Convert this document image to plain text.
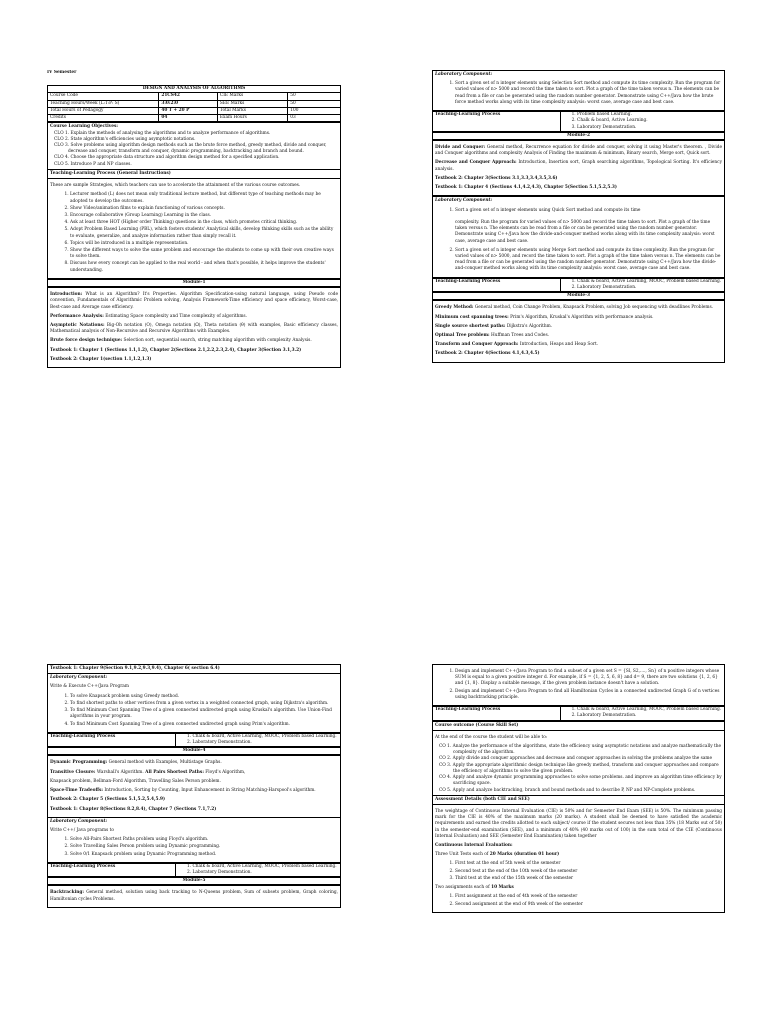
IV Semester
DESIGN AND ANALYSIS OF ALGORITHMS
Course Code	21CS42	CIE Marks	50
Teaching Hours/Week (L:T:P: S)	3:0:2:0	SEE Marks	50
Total Hours of Pedagogy	40 T + 20 P	Total Marks	100
Credits	04	Exam Hours	03
Course Learning Objectives:
CLO 1. Explain the methods of analysing the algorithms and to analyze performance of algorithms.
CLO 2. State algorithm's efficiencies using asymptotic notations.
CLO 3. Solve problems using algorithm design methods such as the brute force method, greedy method, divide and conquer, decrease and conquer, transform and conquer, dynamic programming, backtracking and branch and bound.
CLO 4. Choose the appropriate data structure and algorithm design method for a specified application.
CLO 5. Introduce P and NP classes.
Teaching-Learning Process (General Instructions)

These are sample Strategies, which teachers can use to accelerate the attainment of the various course outcomes.

1. Lecturer method (L) does not mean only traditional lecture method, but different type of teaching methods may be adopted to develop the outcomes.
2. Show Video/animation films to explain functioning of various concepts.
3. Encourage collaborative (Group Learning) Learning in the class.
4. Ask at least three HOT (Higher order Thinking) questions in the class, which promotes critical thinking.
5. Adopt Problem Based Learning (PBL), which fosters students' Analytical skills, develop thinking skills such as the ability to evaluate, generalize, and analyze information rather than simply recall it.
6. Topics will be introduced in a multiple representation.
7. Show the different ways to solve the same problem and encourage the students to come up with their own creative ways to solve them.
8. Discuss how every concept can be applied to the real world - and when that's possible, it helps improve the students' understanding.
Module-1

Introduction: What is an Algorithm? It's Properties. Algorithm Specification-using natural language, using Pseudo code convention, Fundamentals of Algorithmic Problem solving, Analysis Framework-Time efficiency and space efficiency, Worst-case, Best-case and Average case efficiency.

Performance Analysis: Estimating Space complexity and Time complexity of algorithms.

Asymptotic Notations: Big-Oh notation (O), Omega notation (Ω), Theta notation (θ) with examples, Basic efficiency classes, Mathematical analysis of Non-Recursive and Recursive Algorithms with Examples.

Brute force design technique: Selection sort, sequential search, string matching algorithm with complexity Analysis.

Textbook 1: Chapter 1 (Sections 1.1,1.2), Chapter 2(Sections 2.1,2.2,2.3,2.4), Chapter 3(Section 3.1,3.2)

Textbook 2: Chapter 1(section 1.1,1.2,1.3)

Laboratory Component:
1. Sort a given set of n integer elements using Selection Sort method and compute its time complexity. Run the program for varied values of n> 5000 and record the time taken to sort. Plot a graph of the time taken versus n. The elements can be read from a file or can be generated using the random number generator. Demonstrate using C++/Java how the brute force method works along with its time complexity analysis: worst case, average case and best case.
Teaching-Learning Process	1. Problem based Learning.
2. Chalk & board, Active Learning.
3. Laboratory Demonstration.
Module-2

Divide and Conquer: General method, Recurrence equation for divide and conquer, solving it using Master's theorem. , Divide and Conquer algorithms and complexity Analysis of Finding the maximum & minimum, Binary search, Merge sort, Quick sort.

Decrease and Conquer Approach: Introduction, Insertion sort, Graph searching algorithms, Topological Sorting. It's efficiency analysis.

Textbook 2: Chapter 3(Sections 3.1,3.3,3.4,3.5,3.6)

Textbook 1: Chapter 4 (Sections 4.1,4.2,4.3), Chapter 5(Section 5.1,5.2,5.3)

Laboratory Component:
1. Sort a given set of n integer elements using Quick Sort method and compute its time

complexity. Run the program for varied values of n> 5000 and record the time taken to sort. Plot a graph of the time taken versus n. The elements can be read from a file or can be generated using the random number generator. Demonstrate using C++/Java how the divide-and-conquer method works along with its time complexity analysis: worst case, average case and best case.
2. Sort a given set of n integer elements using Merge Sort method and compute its time complexity. Run the program for varied values of n> 5000, and record the time taken to sort. Plot a graph of the time taken versus n. The elements can be read from a file or can be generated using the random number generator. Demonstrate using C++/Java how the divide-and-conquer method works along with its time complexity analysis: worst case, average case and best case.
Teaching-Learning Process	1. Chalk & board, Active Learning, MOOC, Problem based Learning.
2. Laboratory Demonstration.
Module-3

Greedy Method: General method, Coin Change Problem, Knapsack Problem, solving Job sequencing with deadlines Problems.

Minimum cost spanning trees: Prim's Algorithm, Kruskal's Algorithm with performance analysis.

Single source shortest paths: Dijkstra's Algorithm.

Optimal Tree problem: Huffman Trees and Codes.

Transform and Conquer Approach: Introduction, Heaps and Heap Sort.

Textbook 2: Chapter 4(Sections 4.1,4.3,4.5)

Textbook 1: Chapter 9(Section 9.1,9.2,9.3,9.4), Chapter 6( section 6.4)
Laboratory Component:

Write & Execute C++/Java Program

1. To solve Knapsack problem using Greedy method.
2. To find shortest paths to other vertices from a given vertex in a weighted connected graph, using Dijkstra's algorithm.
3. To find Minimum Cost Spanning Tree of a given connected undirected graph using Kruskal's algorithm. Use Union-Find algorithms in your program.
4. To find Minimum Cost Spanning Tree of a given connected undirected graph using Prim's algorithm.
Teaching-Learning Process	1. Chalk & board, Active Learning, MOOC, Problem based Learning.
2. Laboratory Demonstration.
Module-4

Dynamic Programming: General method with Examples, Multistage Graphs.

Transitive Closure: Warshall's Algorithm. All Pairs Shortest Paths: Floyd's Algorithm,

Knapsack problem, Bellman-Ford Algorithm, Travelling Sales Person problem.

Space-Time Tradeoffs: Introduction, Sorting by Counting, Input Enhancement in String Matching-Harspool's algorithm.

Textbook 2: Chapter 5 (Sections 5.1,5.2,5.4,5.9)

Textbook 1: Chapter 8(Sections 8.2,8.4), Chapter 7 (Sections 7.1,7.2)

Laboratory Component:

Write C++/ Java programs to

1. Solve All-Pairs Shortest Paths problem using Floyd's algorithm.
2. Solve Travelling Sales Person problem using Dynamic programming.
3. Solve 0/1 Knapsack problem using Dynamic Programming method.
Teaching-Learning Process	1. Chalk & board, Active Learning, MOOC, Problem based Learning.
2. Laboratory Demonstration.
Module-5

Backtracking: General method, solution using back tracking to N-Queens problem, Sum of subsets problem, Graph coloring, Hamiltonian cycles Problems.

1. Design and implement C++/Java Program to find a subset of a given set S = {Sl, S2,...., Sn} of n positive integers whose SUM is equal to a given positive integer d. For example, if S = {1, 2, 5, 6, 8} and d= 9, there are two solutions {1, 2, 6} and {1, 8}. Display a suitable message, if the given problem instance doesn't have a solution.
2. Design and implement C++/Java Program to find all Hamiltonian Cycles in a connected undirected Graph G of n vertices using backtracking principle.
Teaching-Learning Process	1. Chalk & board, Active Learning, MOOC, Problem based Learning.
2. Laboratory Demonstration.
Course outcome (Course Skill Set)

At the end of the course the student will be able to:

CO 1. Analyze the performance of the algorithms, state the efficiency using asymptotic notations and analyze mathematically the complexity of the algorithm.
CO 2. Apply divide and conquer approaches and decrease and conquer approaches in solving the problems analyze the same
CO 3. Apply the appropriate algorithmic design technique like greedy method, transform and conquer approaches and compare the efficiency of algorithms to solve the given problem.
CO 4. Apply and analyze dynamic programming approaches to solve some problems. and improve an algorithm time efficiency by sacrificing space.
CO 5. Apply and analyze backtracking, branch and bound methods and to describe P, NP and NP-Complete problems.
Assessment Details (both CIE and SEE)

The weightage of Continuous Internal Evaluation (CIE) is 50% and for Semester End Exam (SEE) is 50%. The minimum passing mark for the CIE is 40% of the maximum marks (20 marks). A student shall be deemed to have satisfied the academic requirements and earned the credits allotted to each subject/ course if the student secures not less than 35% (18 Marks out of 50) in the semester-end examination (SEE), and a minimum of 40% (40 marks out of 100) in the sum total of the CIE (Continuous Internal Evaluation) and SEE (Semester End Examination) taken together

Continuous Internal Evaluation:

Three Unit Tests each of 20 Marks (duration 01 hour)

1. First test at the end of 5th week of the semester
2. Second test at the end of the 10th week of the semester
3. Third test at the end of the 15th week of the semester

Two assignments each of 10 Marks

1. First assignment at the end of 4th week of the semester
2. Second assignment at the end of 9th week of the semester
